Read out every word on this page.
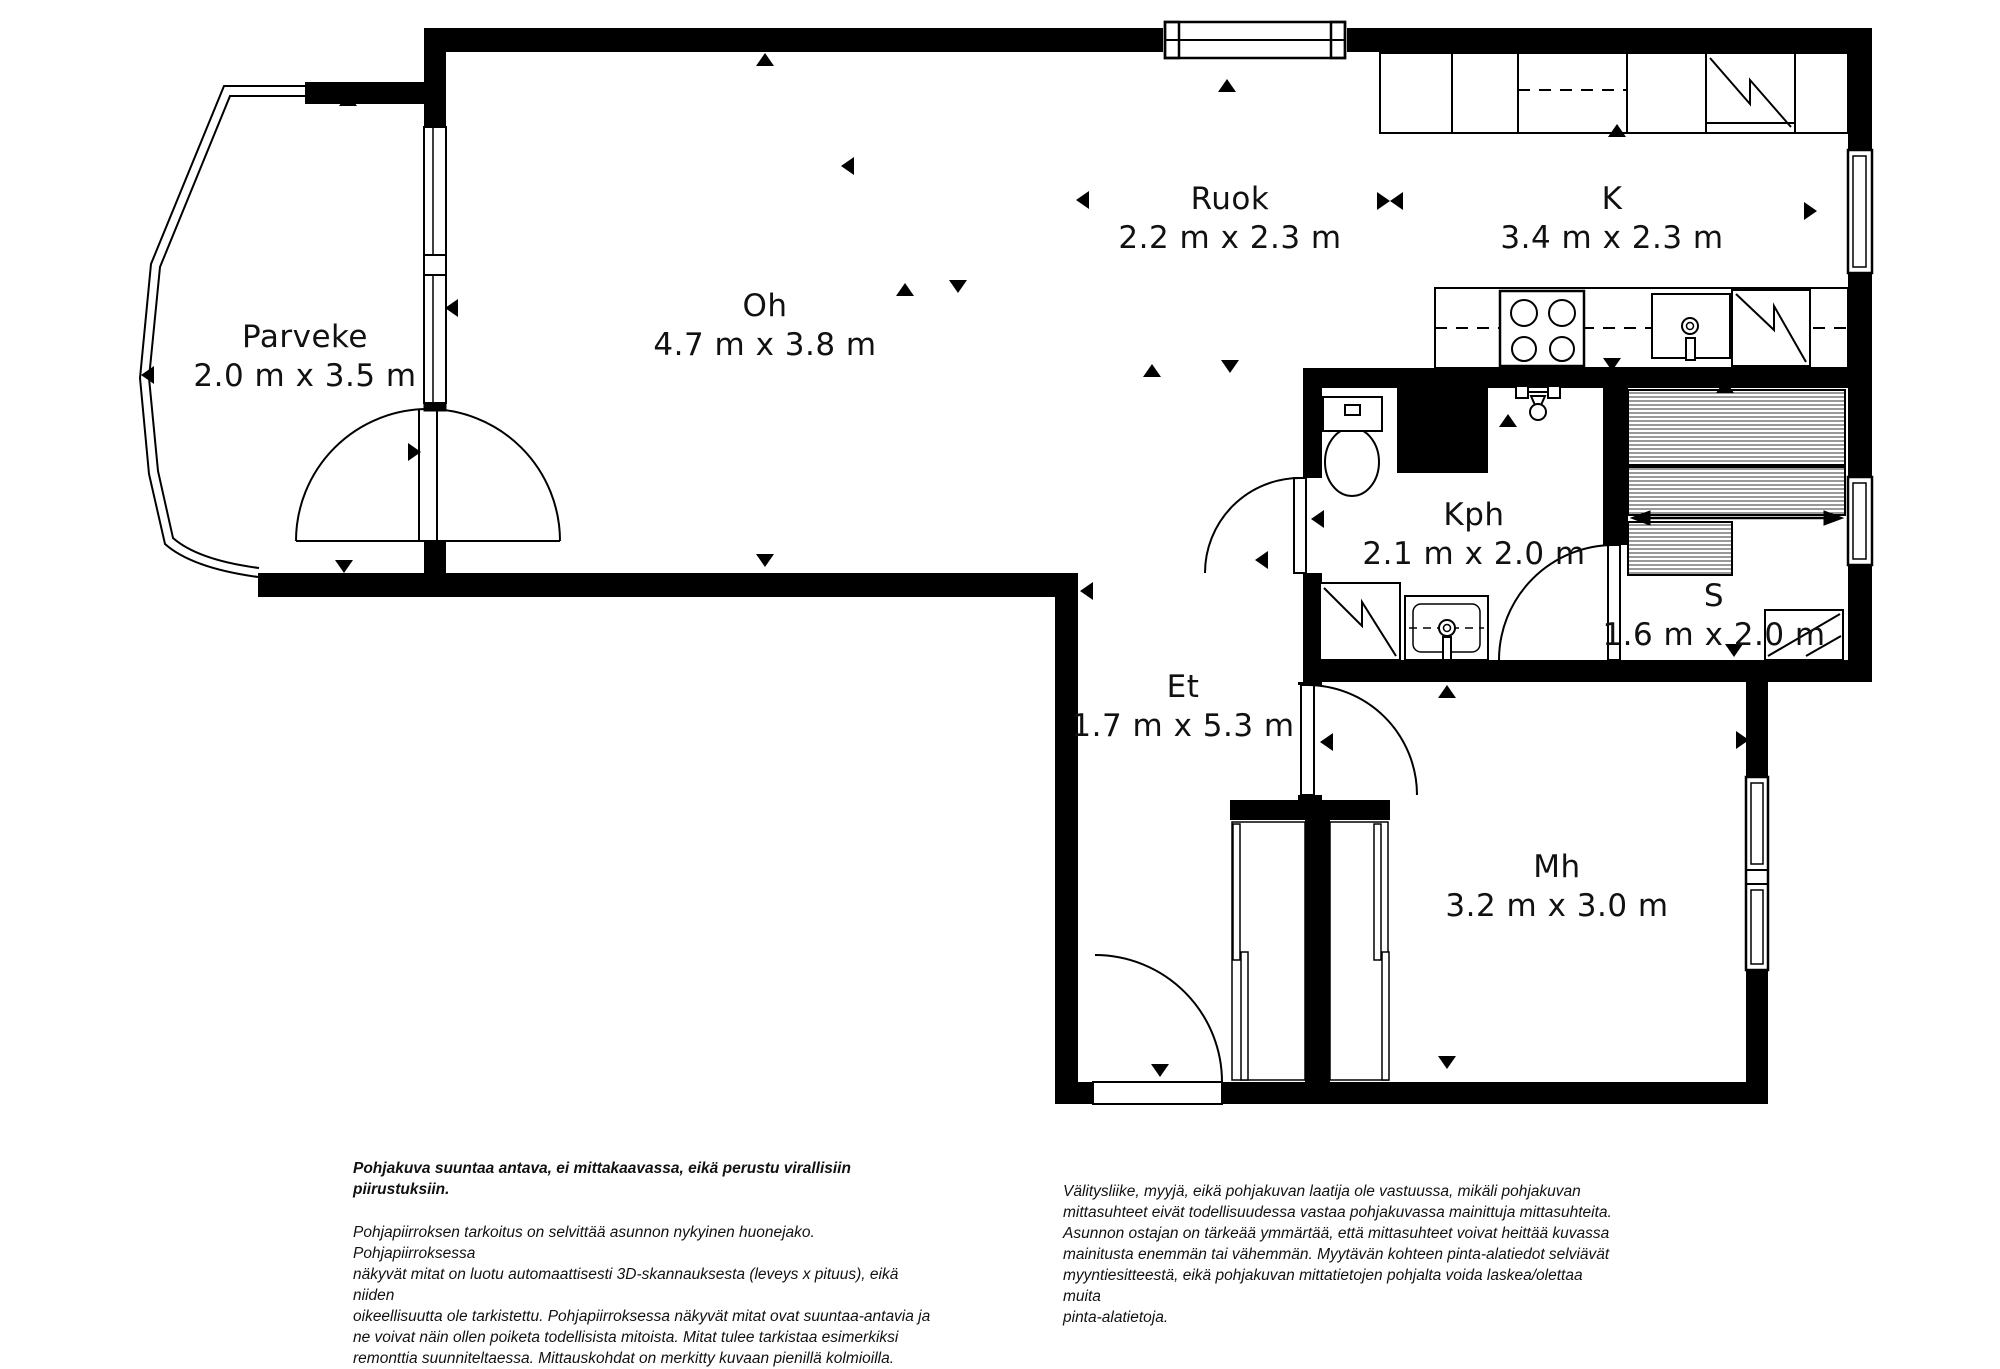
Parveke
2.0 m x 3.5 m
Oh
4.7 m x 3.8 m
Ruok
2.2 m x 2.3 m
K
3.4 m x 2.3 m
Kph
2.1 m x 2.0 m
S
1.6 m x 2.0 m
Et
1.7 m x 5.3 m
Mh
3.2 m x 3.0 m
Pohjakuva suuntaa antava, ei mittakaavassa, eikä perustu virallisiin piirustuksiin.
Pohjapiirroksen tarkoitus on selvittää asunnon nykyinen huonejako. Pohjapiirroksessa
näkyvät mitat on luotu automaattisesti 3D-skannauksesta (leveys x pituus), eikä niiden
oikeellisuutta ole tarkistettu. Pohjapiirroksessa näkyvät mitat ovat suuntaa-antavia ja
ne voivat näin ollen poiketa todellisista mitoista. Mitat tulee tarkistaa esimerkiksi
remonttia suunniteltaessa. Mittauskohdat on merkitty kuvaan pienillä kolmioilla.
Välitysliike, myyjä, eikä pohjakuvan laatija ole vastuussa, mikäli pohjakuvan
mittasuhteet eivät todellisuudessa vastaa pohjakuvassa mainittuja mittasuhteita.
Asunnon ostajan on tärkeää ymmärtää, että mittasuhteet voivat heittää kuvassa
mainitusta enemmän tai vähemmän. Myytävän kohteen pinta-alatiedot selviävät
myyntiesitteestä, eikä pohjakuvan mittatietojen pohjalta voida laskea/olettaa muita
pinta-alatietoja.
